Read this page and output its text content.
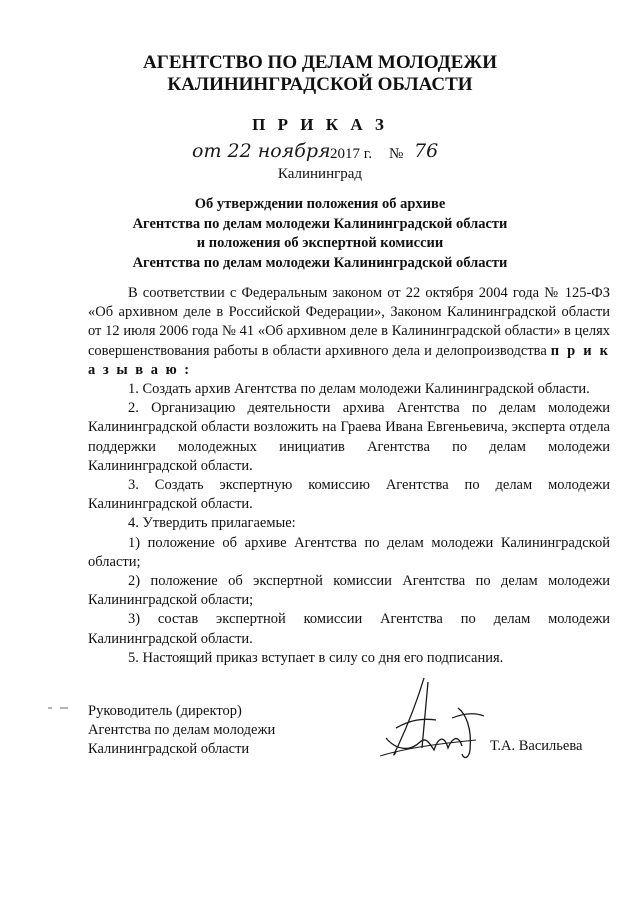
АГЕНТСТВО ПО ДЕЛАМ МОЛОДЕЖИ
КАЛИНИНГРАДСКОЙ ОБЛАСТИ
П Р И К А З
от 22 ноября 2017 г. № 76
Калининград
Об утверждении положения об архиве
Агентства по делам молодежи Калининградской области
и положения об экспертной комиссии
Агентства по делам молодежи Калининградской области

В соответствии с Федеральным законом от 22 октября 2004 года № 125-ФЗ «Об архивном деле в Российской Федерации», Законом Калининградской области от 12 июля 2006 года № 41 «Об архивном деле в Калининградской области» в целях совершенствования работы в области архивного дела и делопроизводства п р и к а з ы в а ю :

1. Создать архив Агентства по делам молодежи Калининградской области.

2. Организацию деятельности архива Агентства по делам молодежи Калининградской области возложить на Граева Ивана Евгеньевича, эксперта отдела поддержки молодежных инициатив Агентства по делам молодежи Калининградской области.

3. Создать экспертную комиссию Агентства по делам молодежи Калининградской области.

4. Утвердить прилагаемые:

1) положение об архиве Агентства по делам молодежи Калининградской области;

2) положение об экспертной комиссии Агентства по делам молодежи Калининградской области;

3) состав экспертной комиссии Агентства по делам молодежи Калининградской области.

5. Настоящий приказ вступает в силу со дня его подписания.

Руководитель (директор)
Агентства по делам молодежи
Калининградской области	Т.А. Васильева
